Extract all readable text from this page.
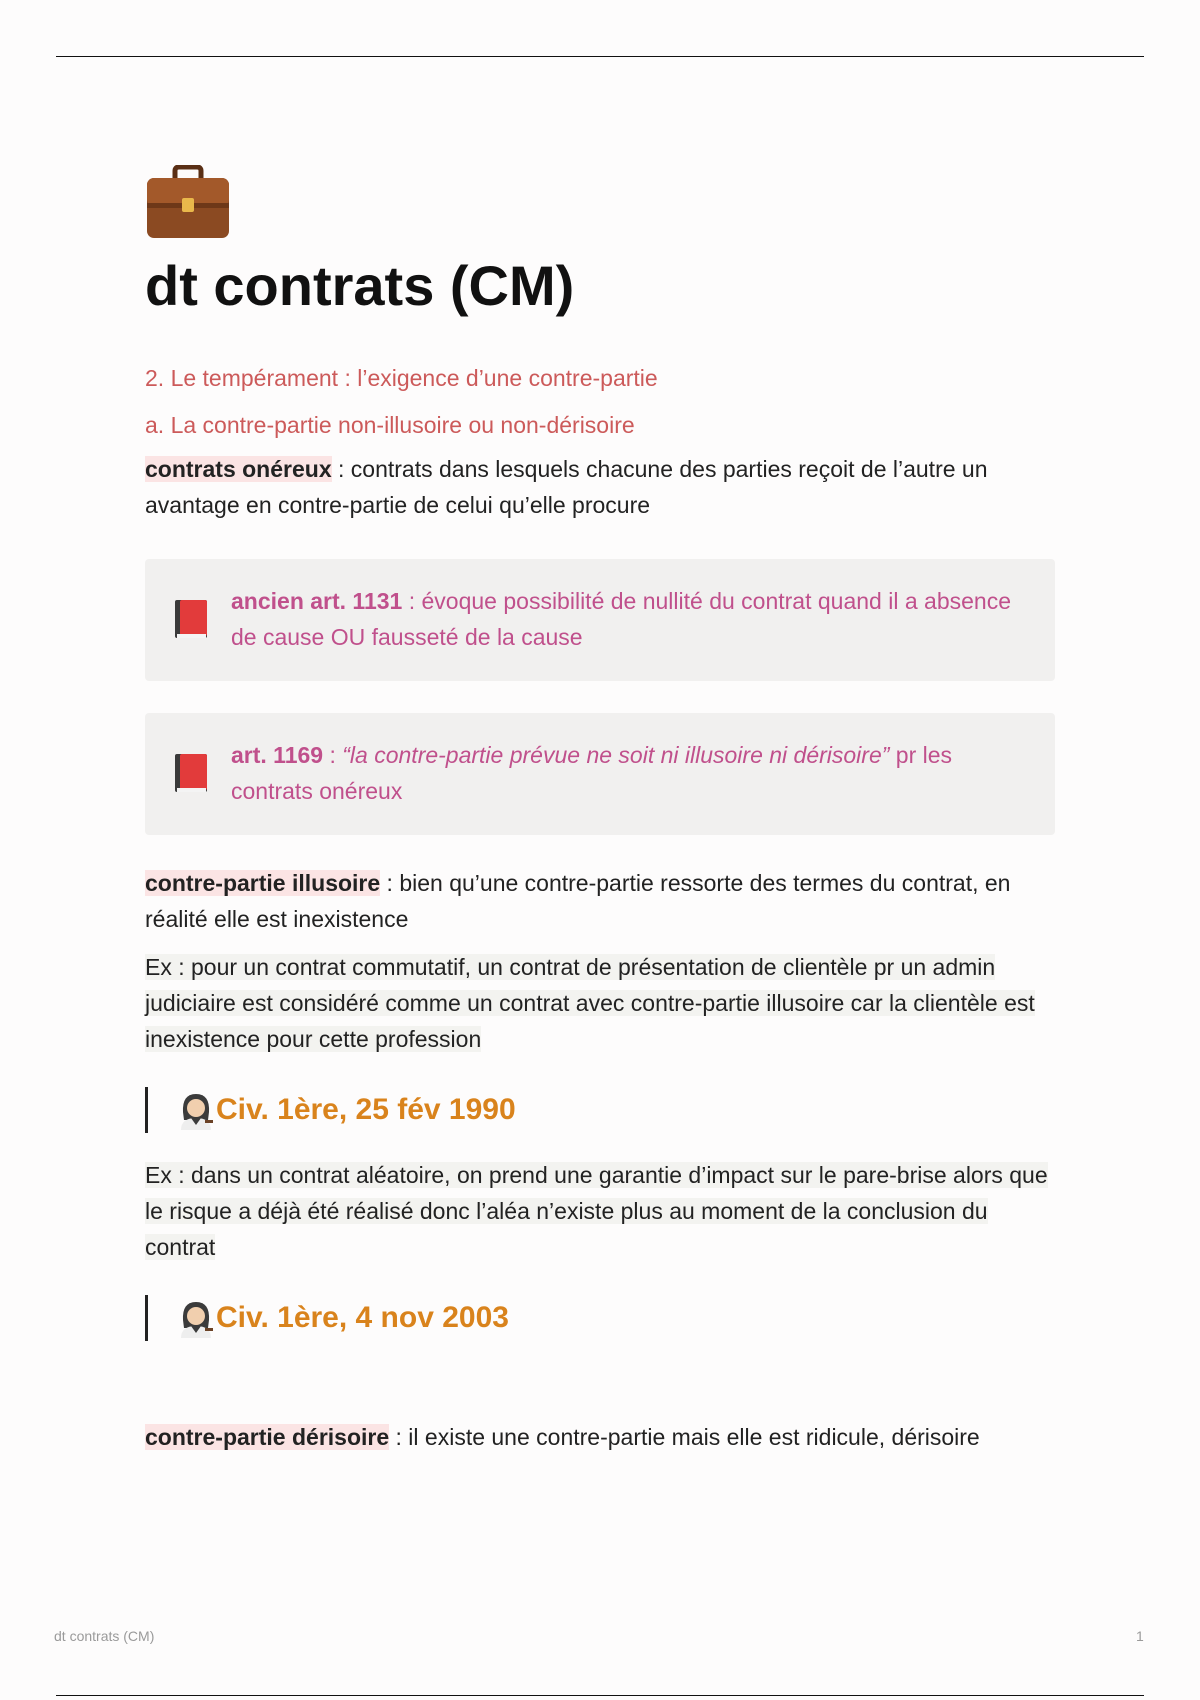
dt contrats (CM)
2. Le tempérament : l’exigence d’une contre-partie
a. La contre-partie non-illusoire ou non-dérisoire

contrats onéreux : contrats dans lesquels chacune des parties reçoit de l’autre un avantage en contre-partie de celui qu’elle procure

ancien art. 1131 : évoque possibilité de nullité du contrat quand il a absence de cause OU fausseté de la cause
art. 1169 : “la contre-partie prévue ne soit ni illusoire ni dérisoire” pr les contrats onéreux

contre-partie illusoire : bien qu’une contre-partie ressorte des termes du contrat, en réalité elle est inexistence

Ex : pour un contrat commutatif, un contrat de présentation de clientèle pr un admin judiciaire est considéré comme un contrat avec contre-partie illusoire car la clientèle est inexistence pour cette profession

Civ. 1ère, 25 fév 1990

Ex : dans un contrat aléatoire, on prend une garantie d’impact sur le pare-brise alors que le risque a déjà été réalisé donc l’aléa n’existe plus au moment de la conclusion du contrat

Civ. 1ère, 4 nov 2003

contre-partie dérisoire : il existe une contre-partie mais elle est ridicule, dérisoire

dt contrats (CM)	1
